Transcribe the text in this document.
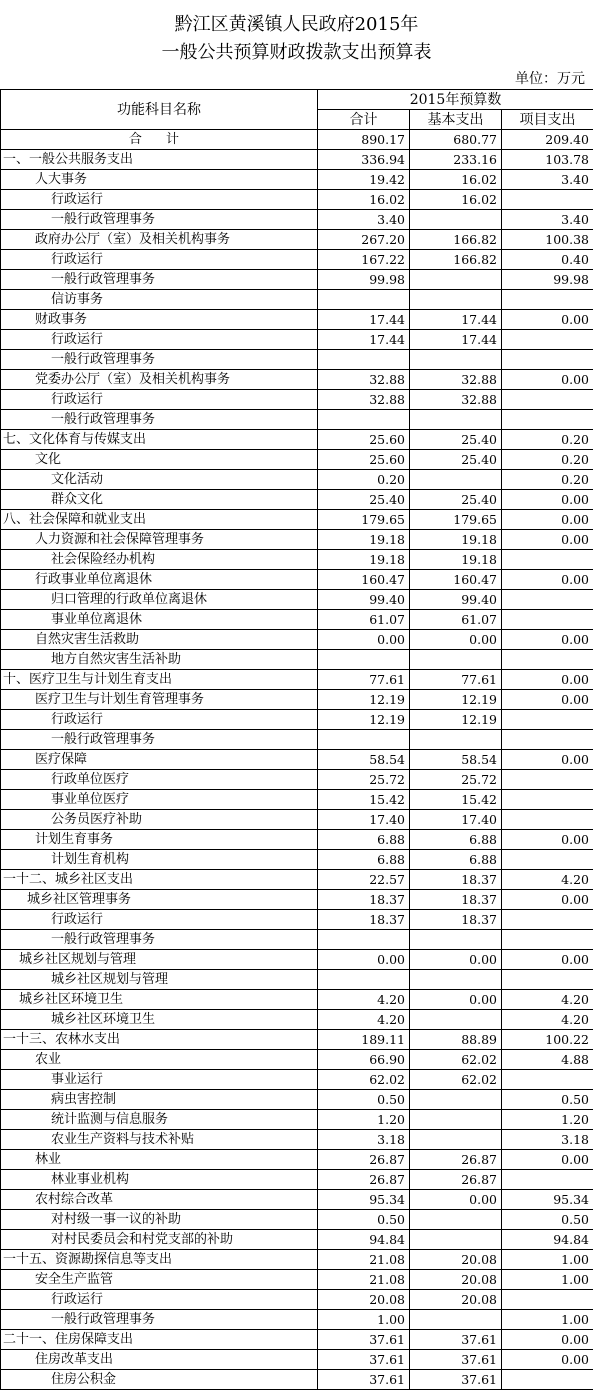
黔江区黄溪镇人民政府2015年
一般公共预算财政拨款支出预算表
单位：万元
功能科目名称	2015年预算数		
	合计	基本支出	项目支出
合 计	890.17	680.77	209.40
一、一般公共服务支出	336.94	233.16	103.78
人大事务	19.42	16.02	3.40
行政运行	16.02	16.02	
一般行政管理事务	3.40		3.40
政府办公厅（室）及相关机构事务	267.20	166.82	100.38
行政运行	167.22	166.82	0.40
一般行政管理事务	99.98		99.98
信访事务			
财政事务	17.44	17.44	0.00
行政运行	17.44	17.44	
一般行政管理事务			
党委办公厅（室）及相关机构事务	32.88	32.88	0.00
行政运行	32.88	32.88	
一般行政管理事务			
七、文化体育与传媒支出	25.60	25.40	0.20
文化	25.60	25.40	0.20
文化活动	0.20		0.20
群众文化	25.40	25.40	0.00
八、社会保障和就业支出	179.65	179.65	0.00
人力资源和社会保障管理事务	19.18	19.18	0.00
社会保险经办机构	19.18	19.18	
行政事业单位离退休	160.47	160.47	0.00
归口管理的行政单位离退休	99.40	99.40	
事业单位离退休	61.07	61.07	
自然灾害生活救助	0.00	0.00	0.00
地方自然灾害生活补助			
十、医疗卫生与计划生育支出	77.61	77.61	0.00
医疗卫生与计划生育管理事务	12.19	12.19	0.00
行政运行	12.19	12.19	
一般行政管理事务			
医疗保障	58.54	58.54	0.00
行政单位医疗	25.72	25.72	
事业单位医疗	15.42	15.42	
公务员医疗补助	17.40	17.40	
计划生育事务	6.88	6.88	0.00
计划生育机构	6.88	6.88	
一十二、城乡社区支出	22.57	18.37	4.20
城乡社区管理事务	18.37	18.37	0.00
行政运行	18.37	18.37	
一般行政管理事务			
城乡社区规划与管理	0.00	0.00	0.00
城乡社区规划与管理			
城乡社区环境卫生	4.20	0.00	4.20
城乡社区环境卫生	4.20		4.20
一十三、农林水支出	189.11	88.89	100.22
农业	66.90	62.02	4.88
事业运行	62.02	62.02	
病虫害控制	0.50		0.50
统计监测与信息服务	1.20		1.20
农业生产资料与技术补贴	3.18		3.18
林业	26.87	26.87	0.00
林业事业机构	26.87	26.87	
农村综合改革	95.34	0.00	95.34
对村级一事一议的补助	0.50		0.50
对村民委员会和村党支部的补助	94.84		94.84
一十五、资源勘探信息等支出	21.08	20.08	1.00
安全生产监管	21.08	20.08	1.00
行政运行	20.08	20.08	
一般行政管理事务	1.00		1.00
二十一、住房保障支出	37.61	37.61	0.00
住房改革支出	37.61	37.61	0.00
住房公积金	37.61	37.61	
